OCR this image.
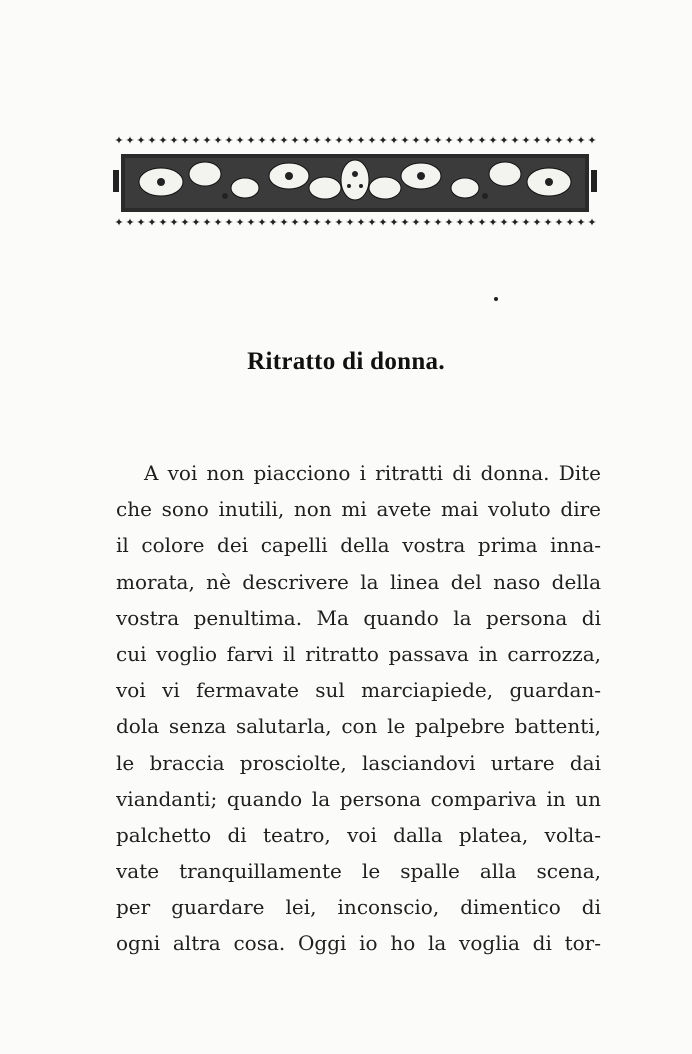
✦ ✦ ✦ ✦ ✦ ✦ ✦ ✦ ✦ ✦ ✦ ✦ ✦ ✦ ✦ ✦ ✦ ✦ ✦ ✦ ✦ ✦ ✦ ✦ ✦ ✦ ✦ ✦ ✦ ✦ ✦ ✦ ✦ ✦ ✦ ✦ ✦ ✦ ✦ ✦ ✦ ✦ ✦ ✦
✦ ✦ ✦ ✦ ✦ ✦ ✦ ✦ ✦ ✦ ✦ ✦ ✦ ✦ ✦ ✦ ✦ ✦ ✦ ✦ ✦ ✦ ✦ ✦ ✦ ✦ ✦ ✦ ✦ ✦ ✦ ✦ ✦ ✦ ✦ ✦ ✦ ✦ ✦ ✦ ✦ ✦ ✦ ✦
Ritratto di donna.
A voi non piacciono i ritratti di donna. Dite
che sono inutili, non mi avete mai voluto dire
il colore dei capelli della vostra prima inna-
morata, nè descrivere la linea del naso della
vostra penultima. Ma quando la persona di
cui voglio farvi il ritratto passava in carrozza,
voi vi fermavate sul marciapiede, guardan-
dola senza salutarla, con le palpebre battenti,
le braccia prosciolte, lasciandovi urtare dai
viandanti; quando la persona compariva in un
palchetto di teatro, voi dalla platea, volta-
vate tranquillamente le spalle alla scena,
per guardare lei, inconscio, dimentico di
ogni altra cosa. Oggi io ho la voglia di tor-
